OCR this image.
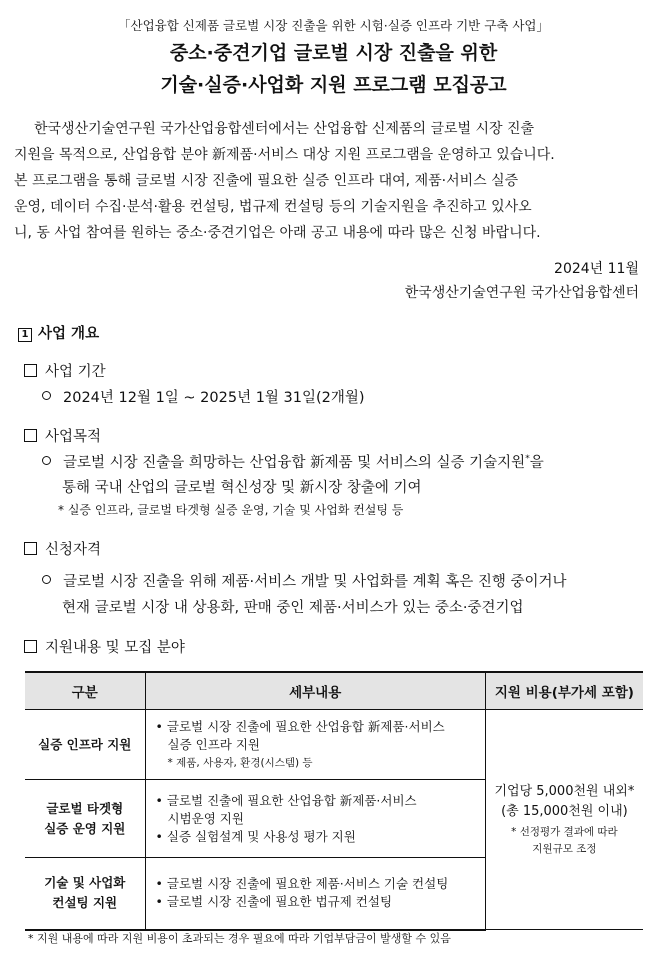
「산업융합 신제품 글로벌 시장 진출을 위한 시험·실증 인프라 기반 구축 사업」
중소·중견기업 글로벌 시장 진출을 위한
기술·실증·사업화 지원 프로그램 모집공고
한국생산기술연구원 국가산업융합센터에서는 산업융합 신제품의 글로벌 시장 진출
지원을 목적으로, 산업융합 분야 新제품·서비스 대상 지원 프로그램을 운영하고 있습니다.
본 프로그램을 통해 글로벌 시장 진출에 필요한 실증 인프라 대여, 제품·서비스 실증
운영, 데이터 수집·분석·활용 컨설팅, 법규제 컨설팅 등의 기술지원을 추진하고 있사오
니, 동 사업 참여를 원하는 중소·중견기업은 아래 공고 내용에 따라 많은 신청 바랍니다.
2024년 11월
한국생산기술연구원 국가산업융합센터
1 사업 개요
사업 기간
2024년 12월 1일 ~ 2025년 1월 31일(2개월)
사업목적
글로벌 시장 진출을 희망하는 산업융합 新제품 및 서비스의 실증 기술지원*을
통해 국내 산업의 글로벌 혁신성장 및 新시장 창출에 기여
* 실증 인프라, 글로벌 타겟형 실증 운영, 기술 및 사업화 컨설팅 등
신청자격
글로벌 시장 진출을 위해 제품·서비스 개발 및 사업화를 계획 혹은 진행 중이거나
현재 글로벌 시장 내 상용화, 판매 중인 제품·서비스가 있는 중소·중견기업
지원내용 및 모집 분야
구분	세부내용	지원 비용(부가세 포함)

실증 인프라 지원	• 글로벌 시장 진출에 필요한 산업융합 新제품·서비스
실증 인프라 지원
* 제품, 사용자, 환경(시스템) 등	기업당 5,000천원 내외*
(총 15,000천원 이내)
* 선정평가 결과에 따라
지원규모 조정

글로벌 타겟형
실증 운영 지원	• 글로벌 진출에 필요한 산업융합 新제품·서비스
시범운영 지원
• 실증 실험설계 및 사용성 평가 지원	

기술 및 사업화
컨설팅 지원	• 글로벌 시장 진출에 필요한 제품·서비스 기술 컨설팅
• 글로벌 시장 진출에 필요한 법규제 컨설팅	
* 지원 내용에 따라 지원 비용이 초과되는 경우 필요에 따라 기업부담금이 발생할 수 있음
